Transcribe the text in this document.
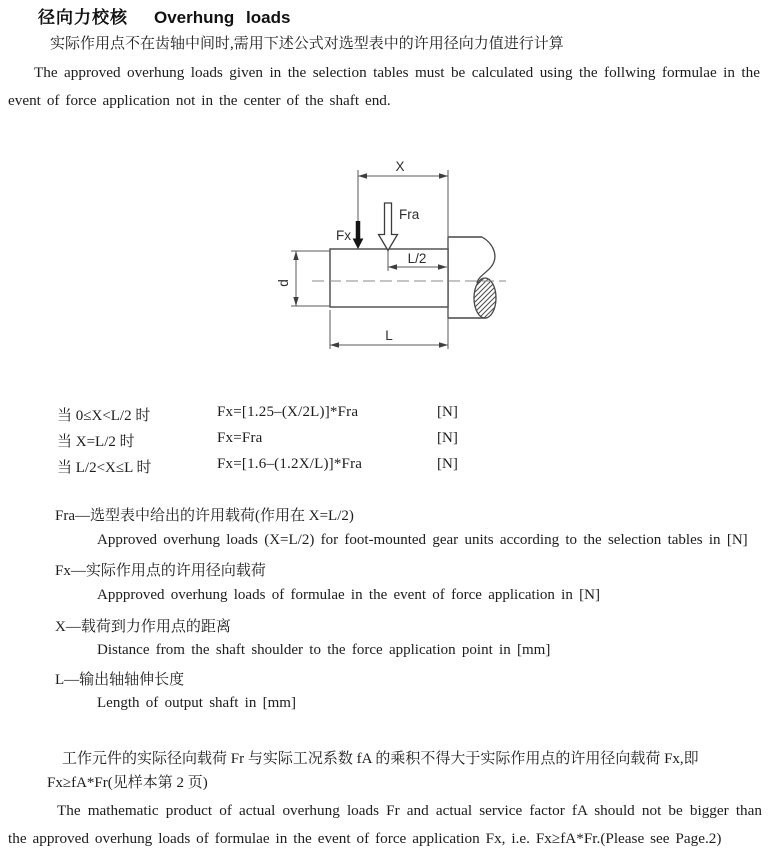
径向力校核 Overhung loads
实际作用点不在齿轴中间时,需用下述公式对选型表中的许用径向力值进行计算
The approved overhung loads given in the selection tables must be calculated using the follwing formulae in the event of force application not in the center of the shaft end.
X
L/2
L
d
Fx
Fra
当 0≤X<L/2 时	Fx=[1.25–(X/2L)]*Fra	[N]
当 X=L/2 时	Fx=Fra	[N]
当 L/2<X≤L 时	Fx=[1.6–(1.2X/L)]*Fra	[N]
Fra—选型表中给出的许用载荷(作用在 X=L/2)
Approved overhung loads (X=L/2) for foot-mounted gear units according to the selection tables in [N]
Fx—实际作用点的许用径向载荷
Appproved overhung loads of formulae in the event of force application in [N]
X—载荷到力作用点的距离
Distance from the shaft shoulder to the force application point in [mm]
L—输出轴轴伸长度
Length of output shaft in [mm]
工作元件的实际径向载荷 Fr 与实际工况系数 fA 的乘积不得大于实际作用点的许用径向载荷 Fx,即
Fx≥fA*Fr(见样本第 2 页)
The mathematic product of actual overhung loads Fr and actual service factor fA should not be bigger than the approved overhung loads of formulae in the event of force application Fx, i.e. Fx≥fA*Fr.(Please see Page.2)
